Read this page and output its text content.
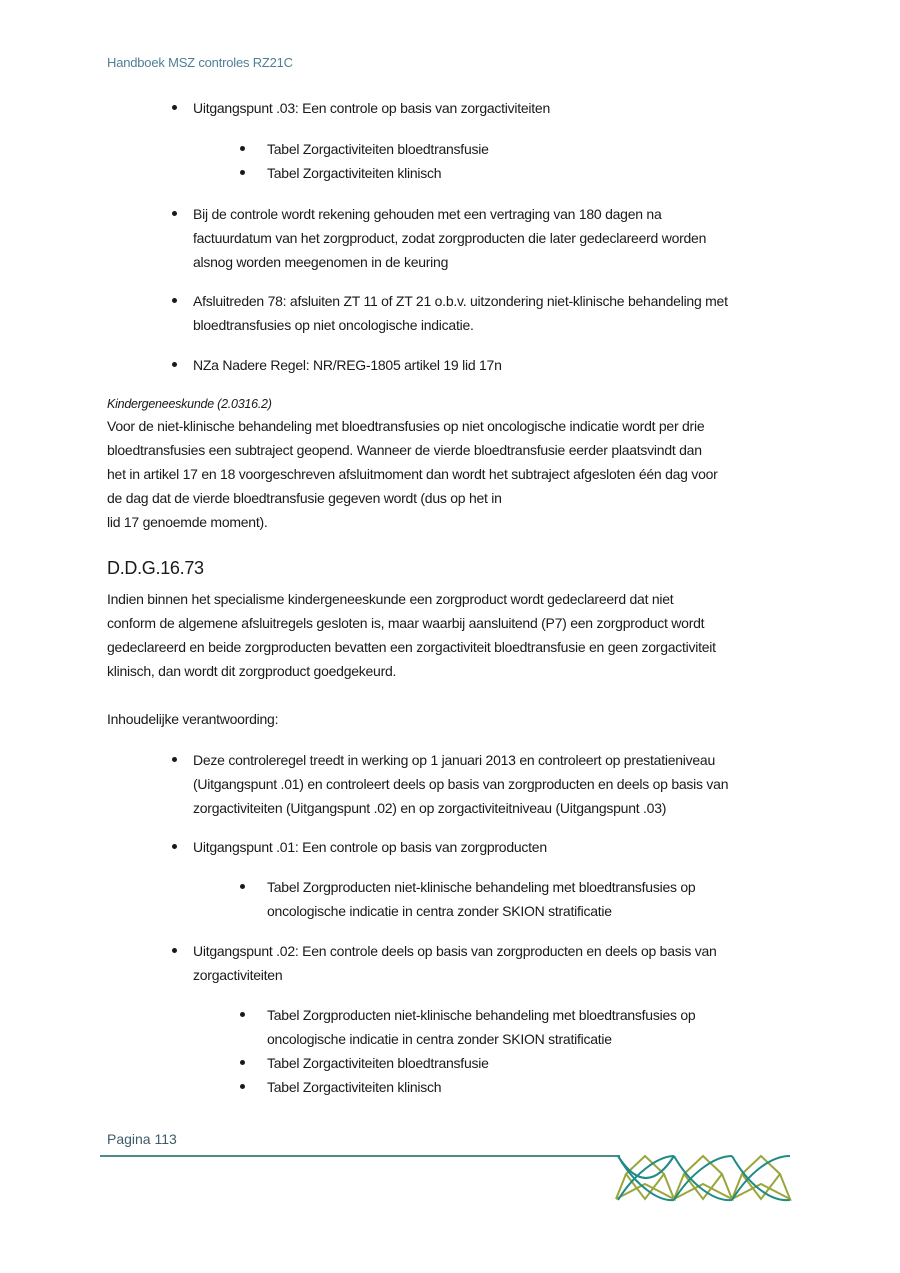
Handboek MSZ controles RZ21C
Uitgangspunt .03: Een controle op basis van zorgactiviteiten
Tabel Zorgactiviteiten bloedtransfusie
Tabel Zorgactiviteiten klinisch
Bij de controle wordt rekening gehouden met een vertraging van 180 dagen na
factuurdatum van het zorgproduct, zodat zorgproducten die later gedeclareerd worden
alsnog worden meegenomen in de keuring
Afsluitreden 78: afsluiten ZT 11 of ZT 21 o.b.v. uitzondering niet-klinische behandeling met
bloedtransfusies op niet oncologische indicatie.
NZa Nadere Regel: NR/REG-1805 artikel 19 lid 17n
Kindergeneeskunde (2.0316.2)
Voor de niet-klinische behandeling met bloedtransfusies op niet oncologische indicatie wordt per drie
bloedtransfusies een subtraject geopend. Wanneer de vierde bloedtransfusie eerder plaatsvindt dan
het in artikel 17 en 18 voorgeschreven afsluitmoment dan wordt het subtraject afgesloten één dag voor
de dag dat de vierde bloedtransfusie gegeven wordt (dus op het in
lid 17 genoemde moment).
D.D.G.16.73
Indien binnen het specialisme kindergeneeskunde een zorgproduct wordt gedeclareerd dat niet
conform de algemene afsluitregels gesloten is, maar waarbij aansluitend (P7) een zorgproduct wordt
gedeclareerd en beide zorgproducten bevatten een zorgactiviteit bloedtransfusie en geen zorgactiviteit
klinisch, dan wordt dit zorgproduct goedgekeurd.
Inhoudelijke verantwoording:
Deze controleregel treedt in werking op 1 januari 2013 en controleert op prestatieniveau
(Uitgangspunt .01) en controleert deels op basis van zorgproducten en deels op basis van
zorgactiviteiten (Uitgangspunt .02) en op zorgactiviteitniveau (Uitgangspunt .03)
Uitgangspunt .01: Een controle op basis van zorgproducten
Tabel Zorgproducten niet-klinische behandeling met bloedtransfusies op
oncologische indicatie in centra zonder SKION stratificatie
Uitgangspunt .02: Een controle deels op basis van zorgproducten en deels op basis van
zorgactiviteiten
Tabel Zorgproducten niet-klinische behandeling met bloedtransfusies op
oncologische indicatie in centra zonder SKION stratificatie
Tabel Zorgactiviteiten bloedtransfusie
Tabel Zorgactiviteiten klinisch
Pagina 113
